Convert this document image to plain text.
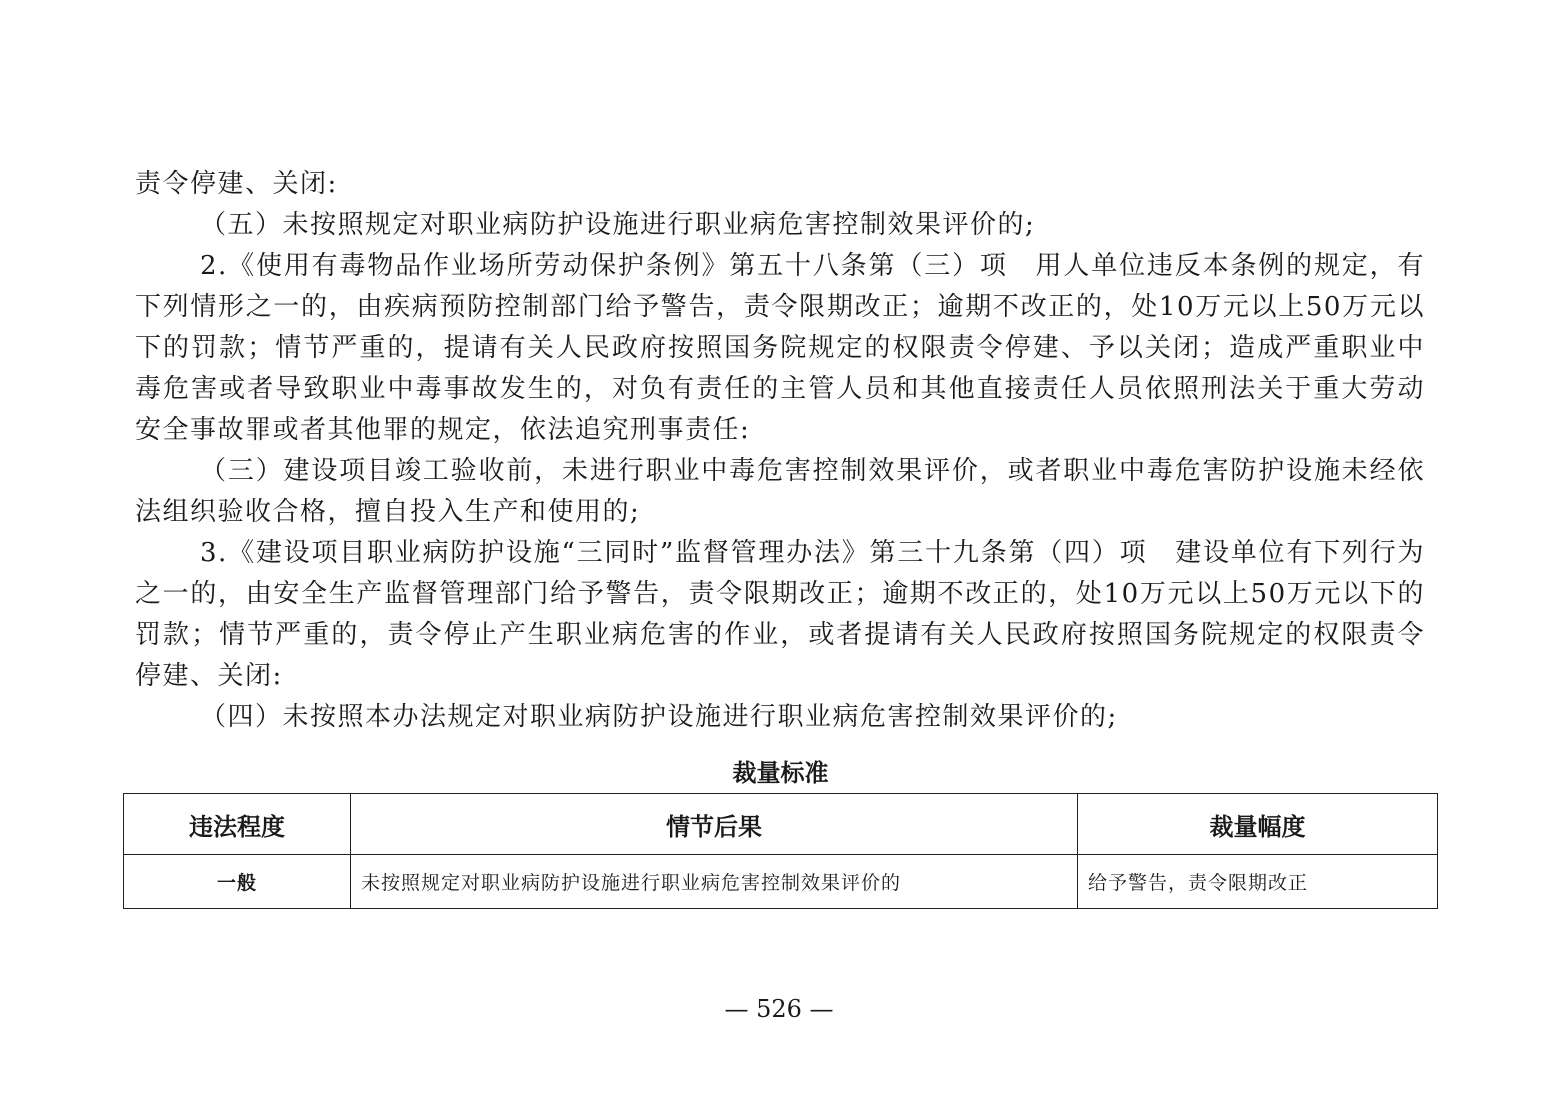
责令停建、关闭:

（五）未按照规定对职业病防护设施进行职业病危害控制效果评价的;

2.《使用有毒物品作业场所劳动保护条例》第五十八条第（三）项　用人单位违反本条例的规定，有下列情形之一的，由疾病预防控制部门给予警告，责令限期改正；逾期不改正的，处10万元以上50万元以下的罚款；情节严重的，提请有关人民政府按照国务院规定的权限责令停建、予以关闭；造成严重职业中毒危害或者导致职业中毒事故发生的，对负有责任的主管人员和其他直接责任人员依照刑法关于重大劳动安全事故罪或者其他罪的规定，依法追究刑事责任:

（三）建设项目竣工验收前，未进行职业中毒危害控制效果评价，或者职业中毒危害防护设施未经依法组织验收合格，擅自投入生产和使用的;

3.《建设项目职业病防护设施“三同时”监督管理办法》第三十九条第（四）项　建设单位有下列行为之一的，由安全生产监督管理部门给予警告，责令限期改正；逾期不改正的，处10万元以上50万元以下的罚款；情节严重的，责令停止产生职业病危害的作业，或者提请有关人民政府按照国务院规定的权限责令停建、关闭:

（四）未按照本办法规定对职业病防护设施进行职业病危害控制效果评价的;

裁量标准
违法程度	情节后果	裁量幅度
一般	未按照规定对职业病防护设施进行职业病危害控制效果评价的	给予警告，责令限期改正
— 526 —
